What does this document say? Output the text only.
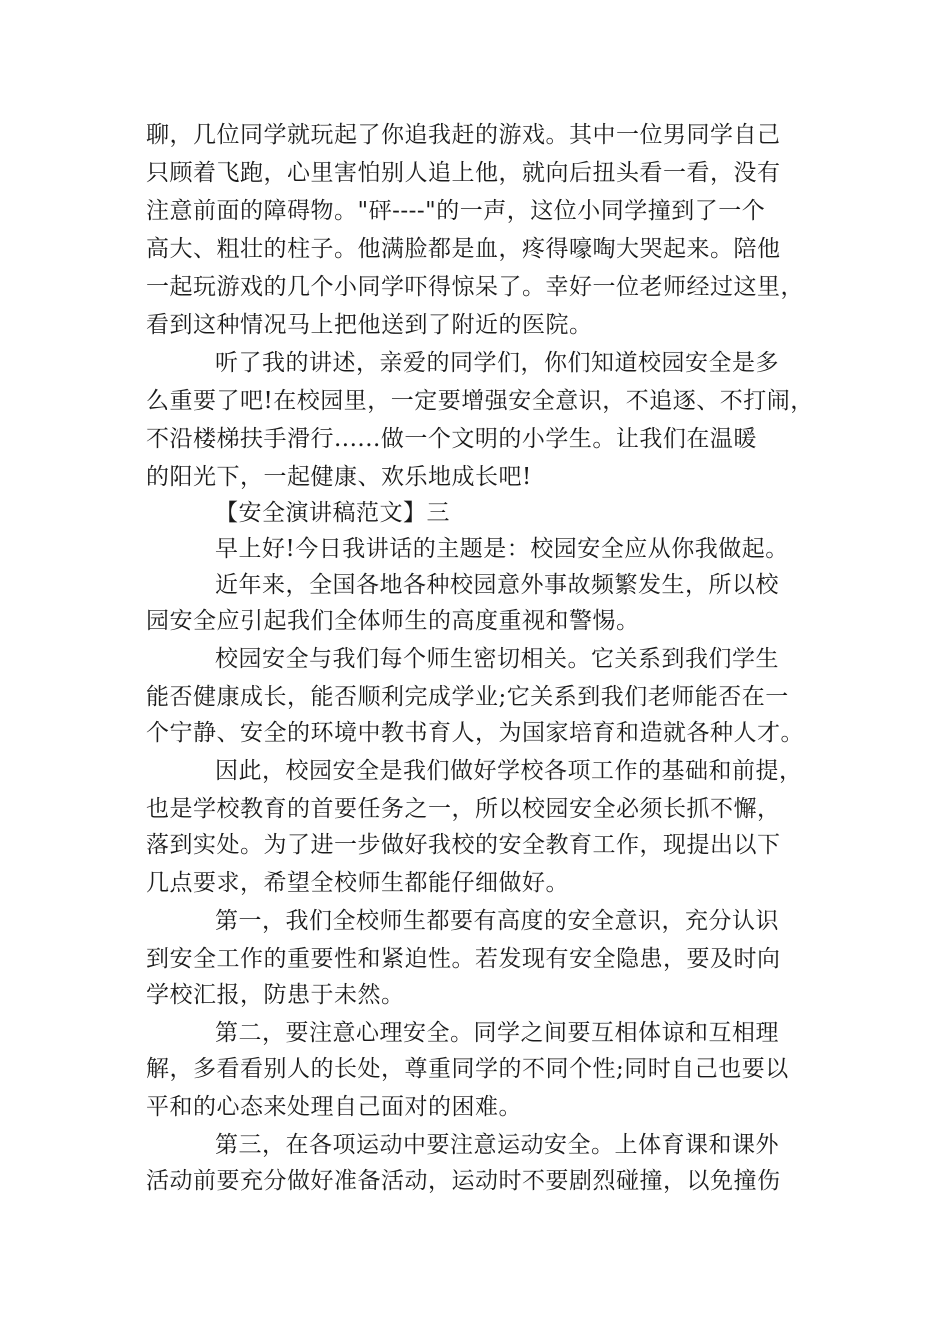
聊，几位同学就玩起了你追我赶的游戏。其中一位男同学自己
只顾着飞跑，心里害怕别人追上他，就向后扭头看一看，没有
注意前面的障碍物。"砰----"的一声，这位小同学撞到了一个
高大、粗壮的柱子。他满脸都是血，疼得嚎啕大哭起来。陪他
一起玩游戏的几个小同学吓得惊呆了。幸好一位老师经过这里，
看到这种情况马上把他送到了附近的医院。
听了我的讲述，亲爱的同学们，你们知道校园安全是多
么重要了吧!在校园里，一定要增强安全意识，不追逐、不打闹，
不沿楼梯扶手滑行......做一个文明的小学生。让我们在温暖
的阳光下，一起健康、欢乐地成长吧!
【安全演讲稿范文】三
早上好!今日我讲话的主题是：校园安全应从你我做起。
近年来，全国各地各种校园意外事故频繁发生，所以校
园安全应引起我们全体师生的高度重视和警惕。
校园安全与我们每个师生密切相关。它关系到我们学生
能否健康成长，能否顺利完成学业;它关系到我们老师能否在一
个宁静、安全的环境中教书育人，为国家培育和造就各种人才。
因此，校园安全是我们做好学校各项工作的基础和前提，
也是学校教育的首要任务之一，所以校园安全必须长抓不懈，
落到实处。为了进一步做好我校的安全教育工作，现提出以下
几点要求，希望全校师生都能仔细做好。
第一，我们全校师生都要有高度的安全意识，充分认识
到安全工作的重要性和紧迫性。若发现有安全隐患，要及时向
学校汇报，防患于未然。
第二，要注意心理安全。同学之间要互相体谅和互相理
解，多看看别人的长处，尊重同学的不同个性;同时自己也要以
平和的心态来处理自己面对的困难。
第三，在各项运动中要注意运动安全。上体育课和课外
活动前要充分做好准备活动，运动时不要剧烈碰撞，以免撞伤
